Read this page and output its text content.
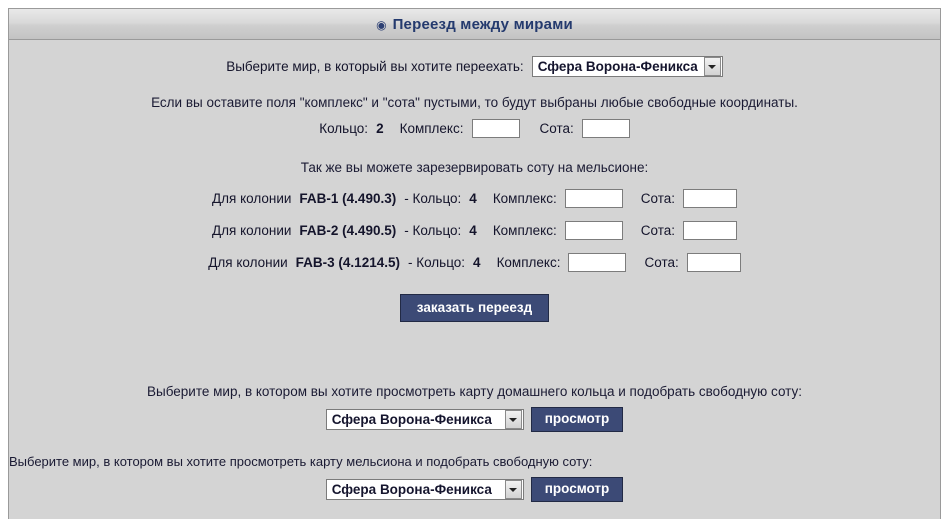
◉ Переезд между мирами
Выберите мир, в который вы хотите переехать: Сфера Ворона-Феникса
Если вы оставите поля "комплекс" и "сота" пустыми, то будут выбраны любые свободные координаты.
Кольцо: 2 Комплекс:	Сота:
Так же вы можете зарезервировать соту на мельсионе:
Для колонии FAB-1 (4.490.3) - Кольцо: 4 Комплекс:	Сота:
Для колонии FAB-2 (4.490.5) - Кольцо: 4 Комплекс:	Сота:
Для колонии FAB-3 (4.1214.5) - Кольцо: 4 Комплекс:	Сота:
заказать переезд
Выберите мир, в котором вы хотите просмотреть карту домашнего кольца и подобрать свободную соту:
Сфера Ворона-Феникса	просмотр
Выберите мир, в котором вы хотите просмотреть карту мельсиона и подобрать свободную соту:
Сфера Ворона-Феникса	просмотр
